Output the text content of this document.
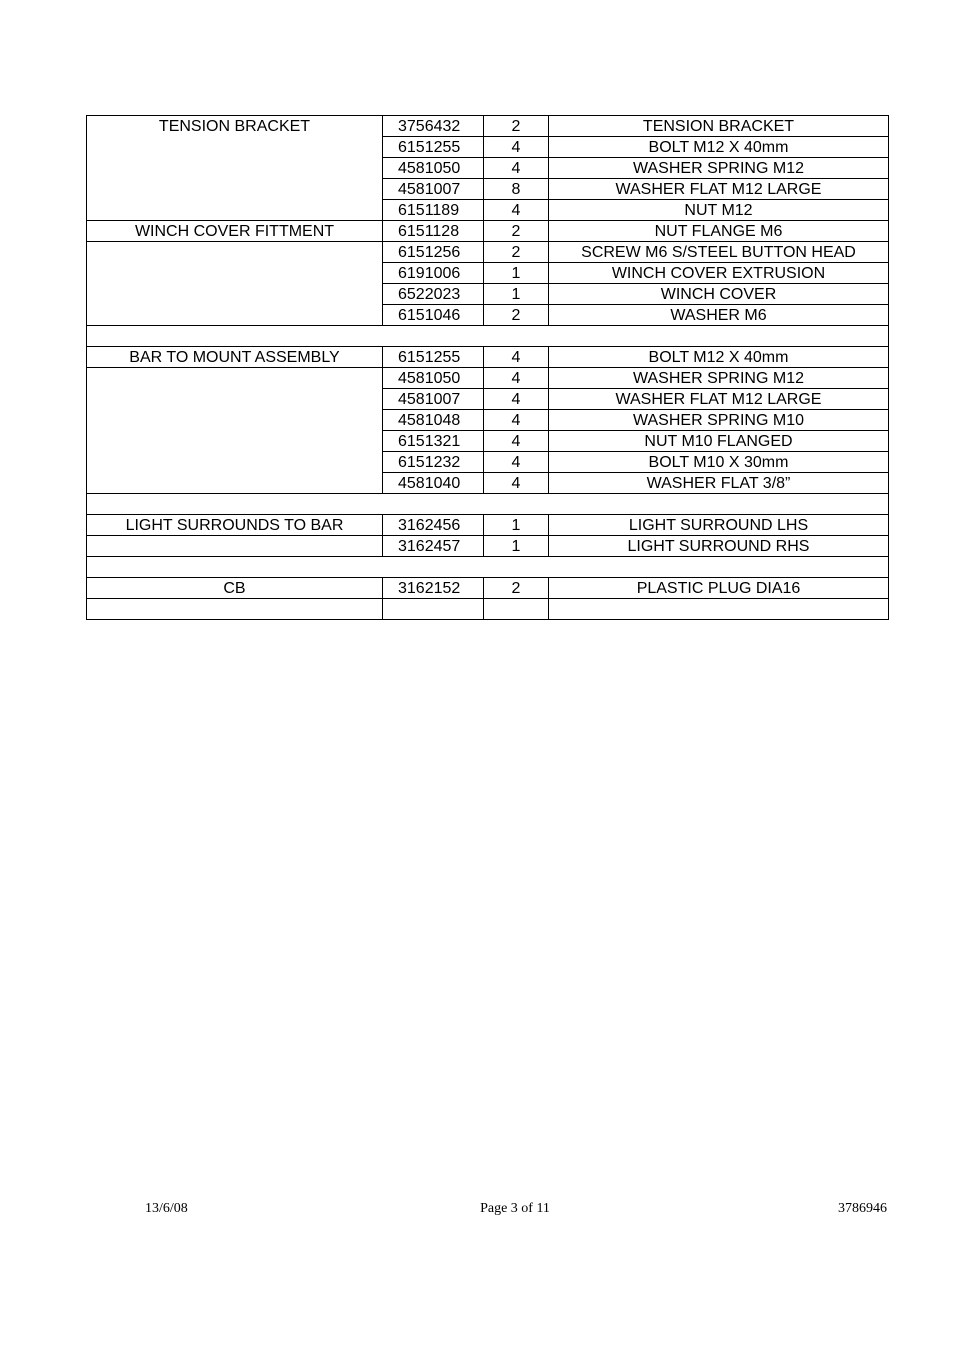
TENSION BRACKET	3756432	2	TENSION BRACKET
	6151255	4	BOLT M12 X 40mm
	4581050	4	WASHER SPRING M12
	4581007	8	WASHER FLAT M12 LARGE
	6151189	4	NUT M12
WINCH COVER FITTMENT	6151128	2	NUT FLANGE M6
	6151256	2	SCREW M6 S/STEEL BUTTON HEAD
	6191006	1	WINCH COVER EXTRUSION
	6522023	1	WINCH COVER
	6151046	2	WASHER M6

BAR TO MOUNT ASSEMBLY	6151255	4	BOLT M12 X 40mm
	4581050	4	WASHER SPRING M12
	4581007	4	WASHER FLAT M12 LARGE
	4581048	4	WASHER SPRING M10
	6151321	4	NUT M10 FLANGED
	6151232	4	BOLT M10 X 30mm
	4581040	4	WASHER FLAT 3/8”

LIGHT SURROUNDS TO BAR	3162456	1	LIGHT SURROUND LHS
	3162457	1	LIGHT SURROUND RHS

CB	3162152	2	PLASTIC PLUG DIA16

13/6/08	Page 3 of 11	3786946
